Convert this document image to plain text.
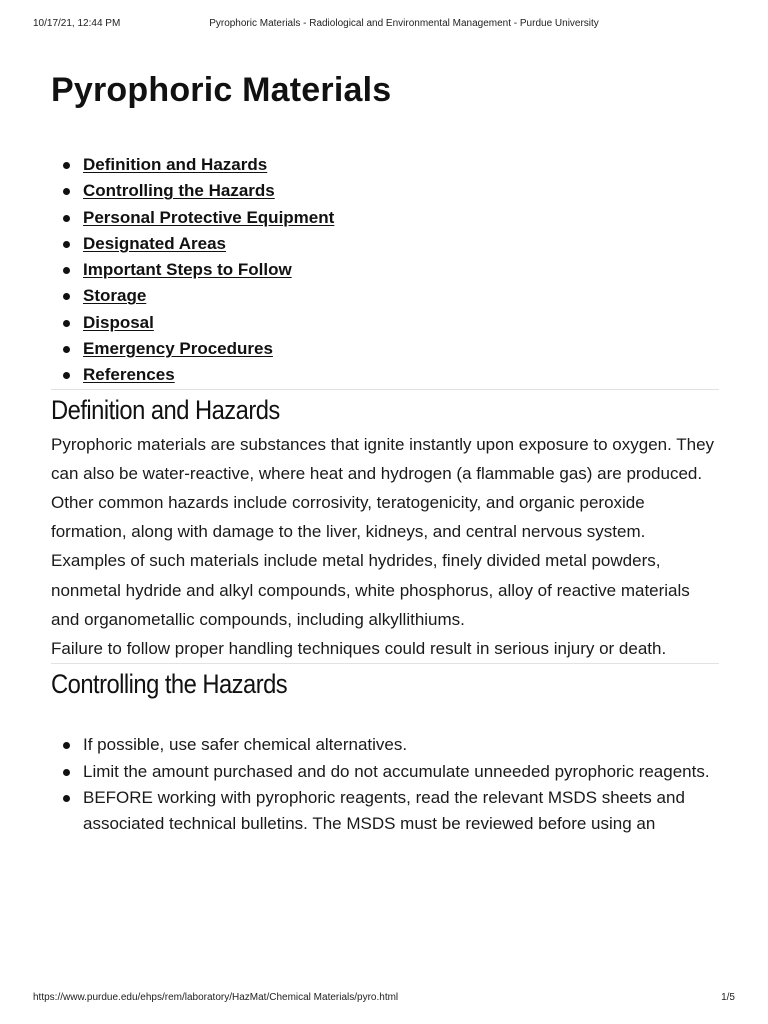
10/17/21, 12:44 PM	Pyrophoric Materials - Radiological and Environmental Management - Purdue University
Pyrophoric Materials
Definition and Hazards
Controlling the Hazards
Personal Protective Equipment
Designated Areas
Important Steps to Follow
Storage
Disposal
Emergency Procedures
References
Definition and Hazards

Pyrophoric materials are substances that ignite instantly upon exposure to oxygen. They can also be water-reactive, where heat and hydrogen (a flammable gas) are produced. Other common hazards include corrosivity, teratogenicity, and organic peroxide formation, along with damage to the liver, kidneys, and central nervous system. Examples of such materials include metal hydrides, finely divided metal powders, nonmetal hydride and alkyl compounds, white phosphorus, alloy of reactive materials and organometallic compounds, including alkyllithiums.

Failure to follow proper handling techniques could result in serious injury or death.

Controlling the Hazards
If possible, use safer chemical alternatives.
Limit the amount purchased and do not accumulate unneeded pyrophoric reagents.
BEFORE working with pyrophoric reagents, read the relevant MSDS sheets and associated technical bulletins. The MSDS must be reviewed before using an
https://www.purdue.edu/ehps/rem/laboratory/HazMat/Chemical Materials/pyro.html	1/5
